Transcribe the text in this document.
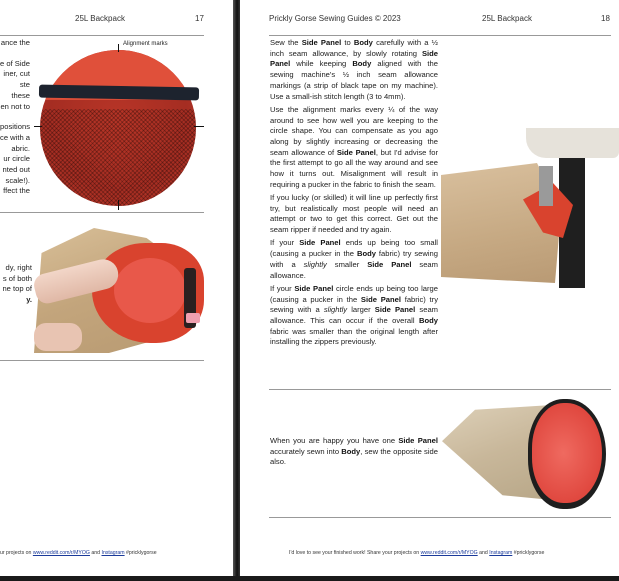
25L Backpack	17
ance the
e of Side
iner, cut
ste these
en not to
positions
ce with a
abric.
ur circle
nted out
scale!).
ffect the
Alignment marks
dy, right
s of both
ne top of
y.
ur projects on www.reddit.com/r/MYOG and Instagram #pricklygorse
Prickly Gorse Sewing Guides © 2023	25L Backpack	18

Sew the Side Panel to Body carefully with a ½ inch seam allowance, by slowly rotating Side Panel while keeping Body aligned with the sewing machine's ½ inch seam allowance markings (a strip of black tape on my machine). Use a small-ish stitch length (3 to 4mm).

Use the alignment marks every ¼ of the way around to see how well you are keeping to the circle shape. You can compensate as you ago along by slightly increasing or decreasing the seam allowance of Side Panel, but I'd advise for the first attempt to go all the way around and see how it turns out. Misalignment will result in requiring a pucker in the fabric to finish the seam.

If you lucky (or skilled) it will line up perfectly first try, but realistically most people will need an attempt or two to get this correct. Get out the seam ripper if needed and try again.

If your Side Panel ends up being too small (causing a pucker in the Body fabric) try sewing with a slightly smaller Side Panel seam allowance.

If your Side Panel circle ends up being too large (causing a pucker in the Side Panel fabric) try sewing with a slightly larger Side Panel seam allowance. This can occur if the overall Body fabric was smaller than the original length after installing the zippers previously.

When you are happy you have one Side Panel accurately sewn into Body, sew the opposite side also.

I'd love to see your finished work! Share your projects on www.reddit.com/r/MYOG and Instagram #pricklygorse
